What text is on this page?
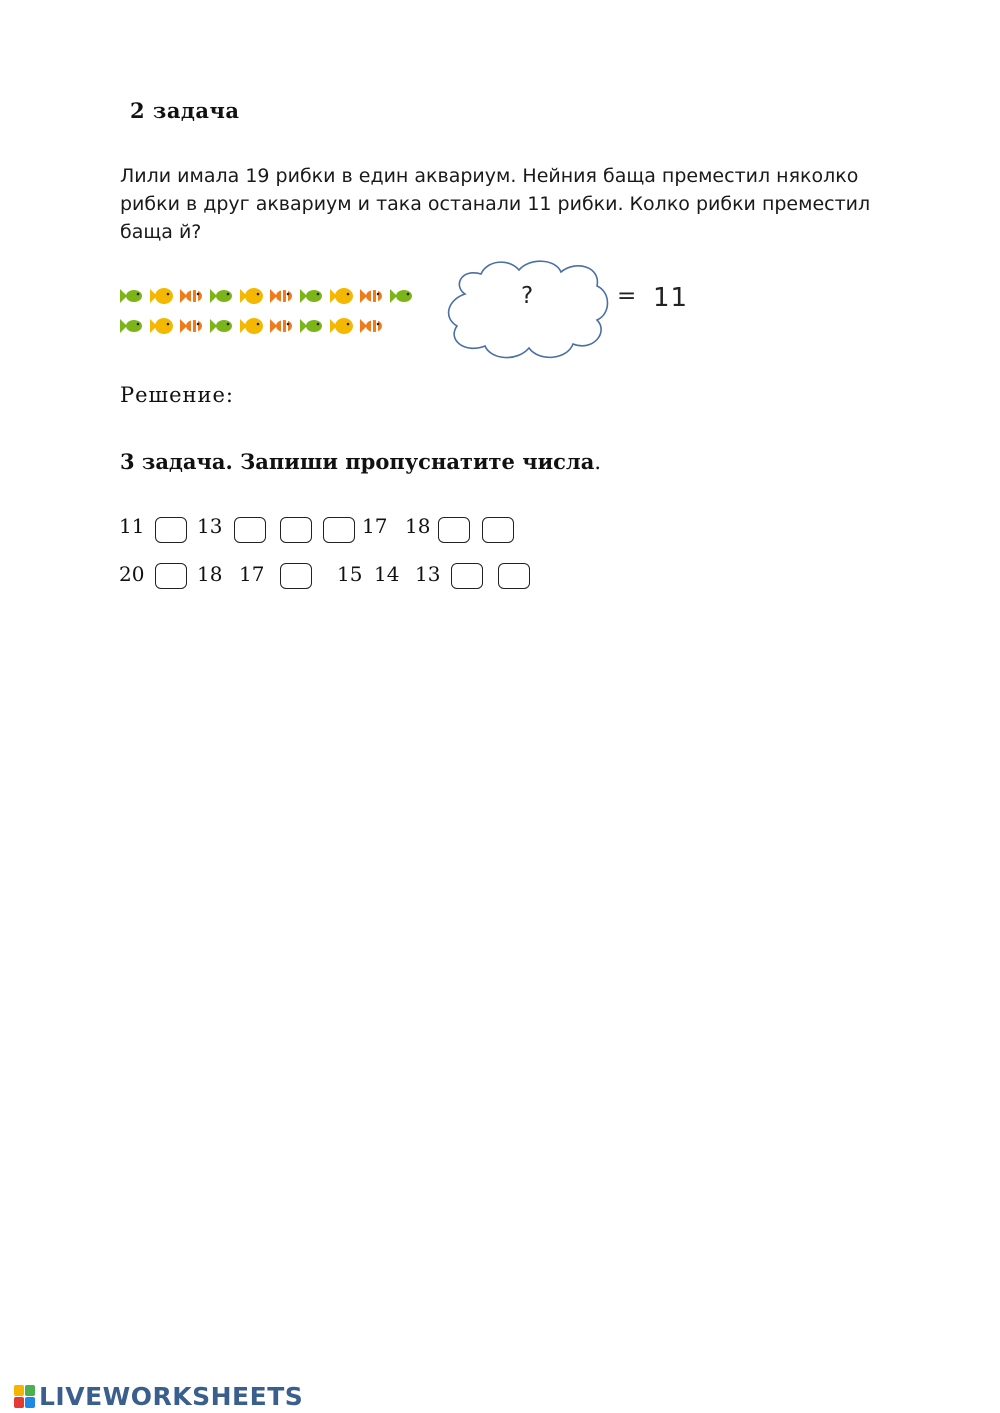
2 задача
Лили имала 19 рибки в един аквариум. Нейния баща преместил няколко рибки в друг аквариум и така останали 11 рибки. Колко рибки преместил баща й?
?	= 11
Решение:
3 задача. Запиши пропуснатите числа.
11	13	17 18
20	18 17	15 14 13
LIVEWORKSHEETS
